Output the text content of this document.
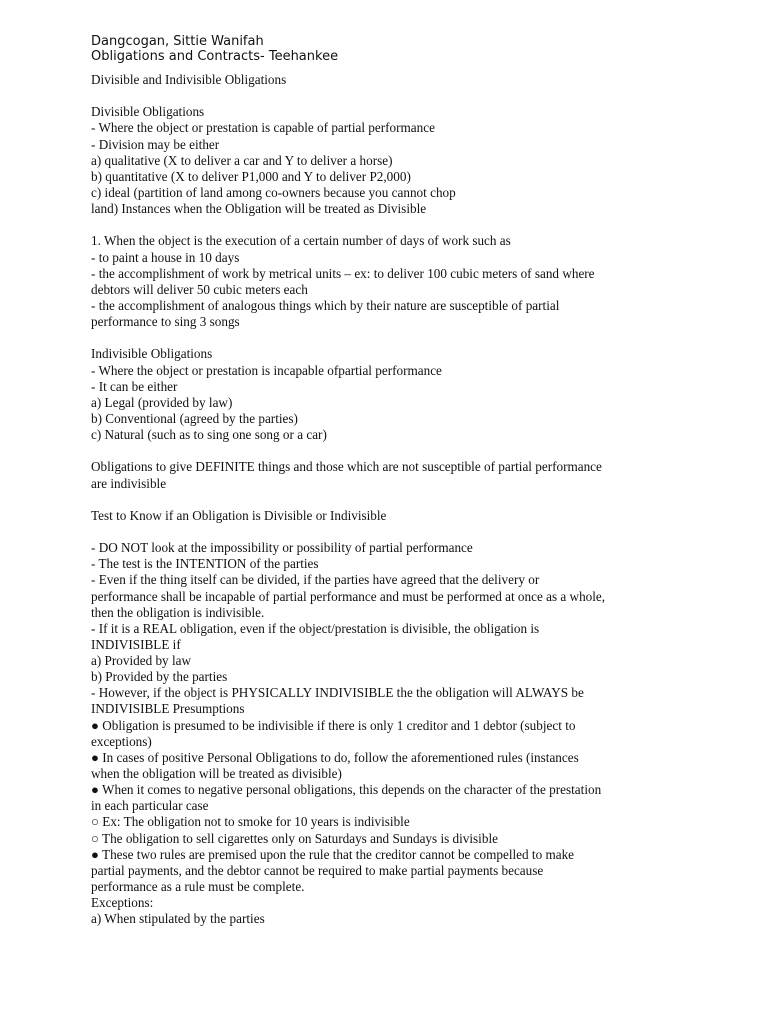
Dangcogan, Sittie Wanifah
Obligations and Contracts- Teehankee
Divisible and Indivisible Obligations
Divisible Obligations
- Where the object or prestation is capable of partial performance
- Division may be either
a) qualitative (X to deliver a car and Y to deliver a horse)
b) quantitative (X to deliver P1,000 and Y to deliver P2,000)
c) ideal (partition of land among co-owners because you cannot chop
land) Instances when the Obligation will be treated as Divisible
1. When the object is the execution of a certain number of days of work such as
- to paint a house in 10 days
- the accomplishment of work by metrical units – ex: to deliver 100 cubic meters of sand where
debtors will deliver 50 cubic meters each
- the accomplishment of analogous things which by their nature are susceptible of partial
performance to sing 3 songs
Indivisible Obligations
- Where the object or prestation is incapable ofpartial performance
- It can be either
a) Legal (provided by law)
b) Conventional (agreed by the parties)
c) Natural (such as to sing one song or a car)
Obligations to give DEFINITE things and those which are not susceptible of partial performance
are indivisible
Test to Know if an Obligation is Divisible or Indivisible
- DO NOT look at the impossibility or possibility of partial performance
- The test is the INTENTION of the parties
- Even if the thing itself can be divided, if the parties have agreed that the delivery or
performance shall be incapable of partial performance and must be performed at once as a whole,
then the obligation is indivisible.
- If it is a REAL obligation, even if the object/prestation is divisible, the obligation is
INDIVISIBLE if
a) Provided by law
b) Provided by the parties
- However, if the object is PHYSICALLY INDIVISIBLE the the obligation will ALWAYS be
INDIVISIBLE Presumptions
● Obligation is presumed to be indivisible if there is only 1 creditor and 1 debtor (subject to
exceptions)
● In cases of positive Personal Obligations to do, follow the aforementioned rules (instances
when the obligation will be treated as divisible)
● When it comes to negative personal obligations, this depends on the character of the prestation
in each particular case
○ Ex: The obligation not to smoke for 10 years is indivisible
○ The obligation to sell cigarettes only on Saturdays and Sundays is divisible
● These two rules are premised upon the rule that the creditor cannot be compelled to make
partial payments, and the debtor cannot be required to make partial payments because
performance as a rule must be complete.
Exceptions:
a) When stipulated by the parties
